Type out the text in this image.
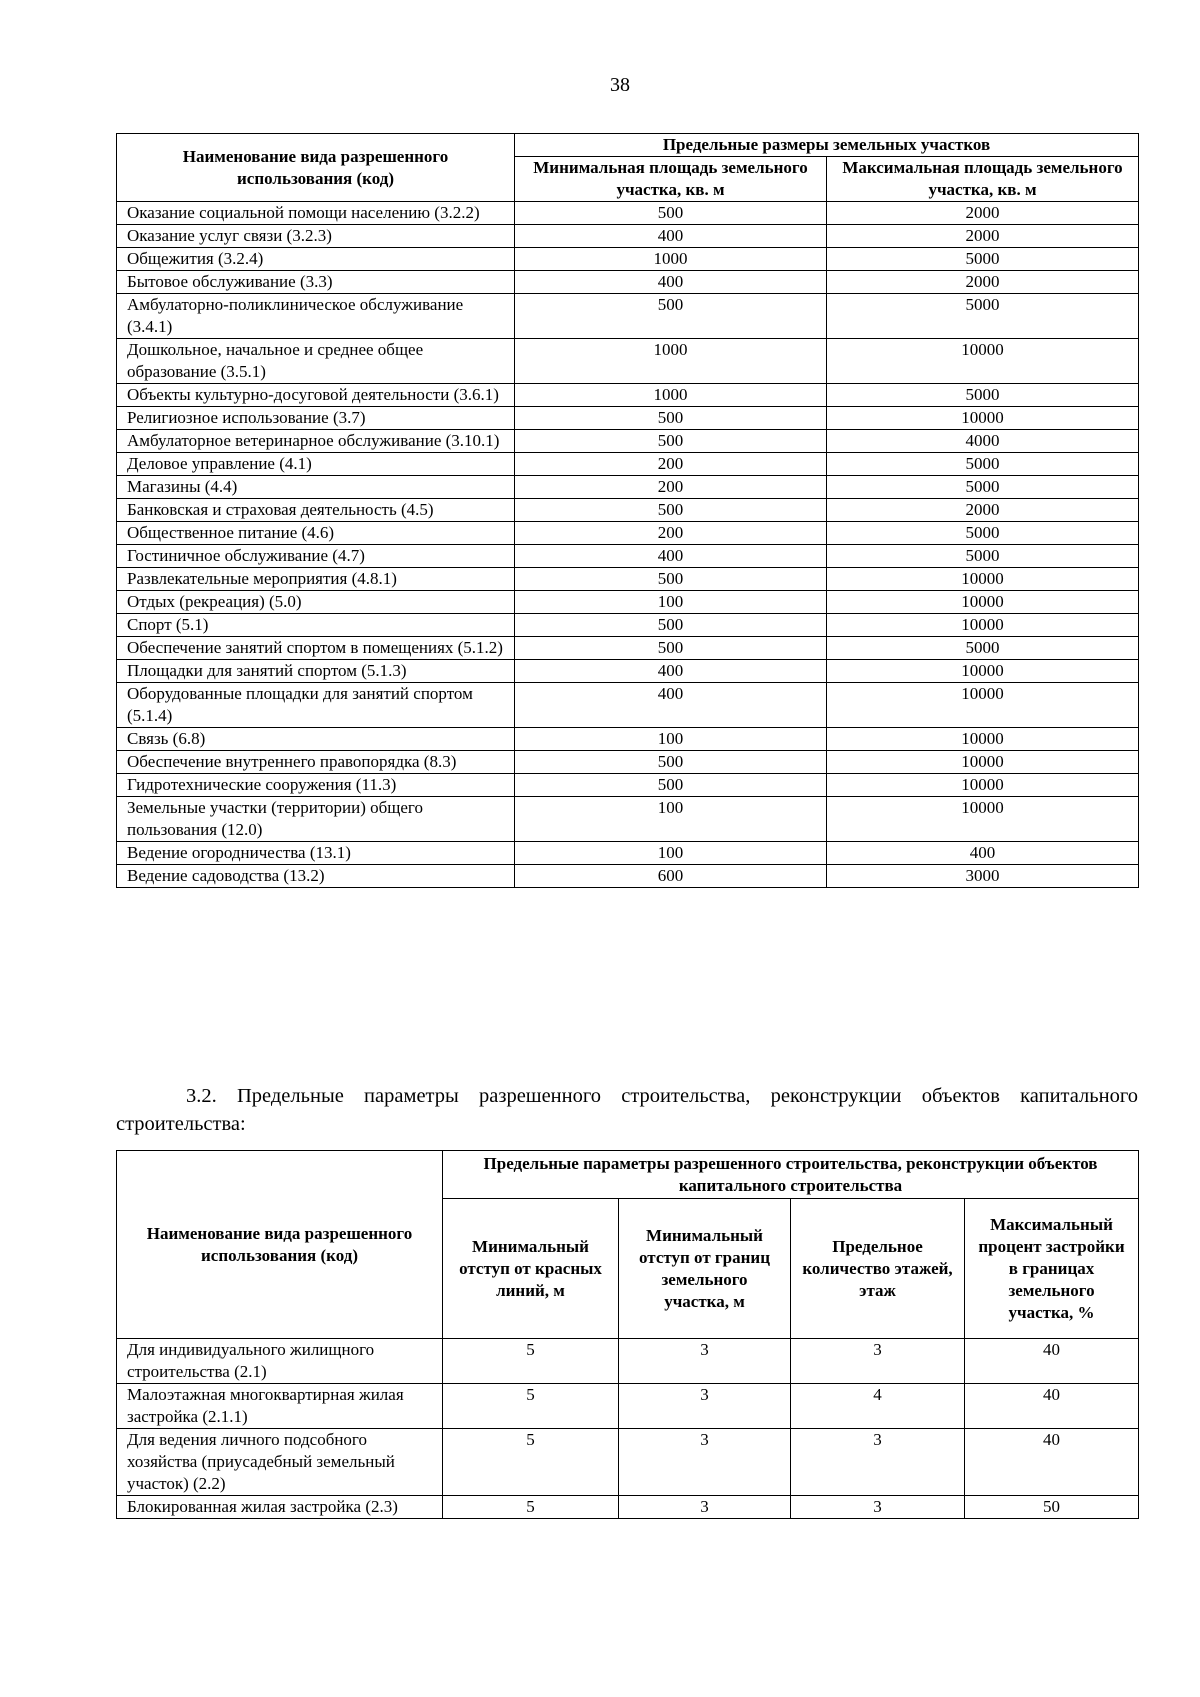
38
Наименование вида разрешенного использования (код)	Предельные размеры земельных участков	
	Минимальная площадь земельного участка, кв. м	Максимальная площадь земельного участка, кв. м
Оказание социальной помощи населению (3.2.2)	500	2000
Оказание услуг связи (3.2.3)	400	2000
Общежития (3.2.4)	1000	5000
Бытовое обслуживание (3.3)	400	2000
Амбулаторно-поликлиническое обслуживание (3.4.1)	500	5000
Дошкольное, начальное и среднее общее образование (3.5.1)	1000	10000
Объекты культурно-досуговой деятельности (3.6.1)	1000	5000
Религиозное использование (3.7)	500	10000
Амбулаторное ветеринарное обслуживание (3.10.1)	500	4000
Деловое управление (4.1)	200	5000
Магазины (4.4)	200	5000
Банковская и страховая деятельность (4.5)	500	2000
Общественное питание (4.6)	200	5000
Гостиничное обслуживание (4.7)	400	5000
Развлекательные мероприятия (4.8.1)	500	10000
Отдых (рекреация) (5.0)	100	10000
Спорт (5.1)	500	10000
Обеспечение занятий спортом в помещениях (5.1.2)	500	5000
Площадки для занятий спортом (5.1.3)	400	10000
Оборудованные площадки для занятий спортом (5.1.4)	400	10000
Связь (6.8)	100	10000
Обеспечение внутреннего правопорядка (8.3)	500	10000
Гидротехнические сооружения (11.3)	500	10000
Земельные участки (территории) общего пользования (12.0)	100	10000
Ведение огородничества (13.1)	100	400
Ведение садоводства (13.2)	600	3000
3.2. Предельные параметры разрешенного строительства, реконструкции объектов капитального строительства:
Наименование вида разрешенного использования (код)	Предельные параметры разрешенного строительства, реконструкции объектов капитального строительства			
	Минимальный отступ от красных линий, м	Минимальный отступ от границ земельного участка, м	Предельное количество этажей, этаж	Максимальный процент застройки в границах земельного участка, %
Для индивидуального жилищного строительства (2.1)	5	3	3	40
Малоэтажная многоквартирная жилая застройка (2.1.1)	5	3	4	40
Для ведения личного подсобного хозяйства (приусадебный земельный участок) (2.2)	5	3	3	40
Блокированная жилая застройка (2.3)	5	3	3	50
